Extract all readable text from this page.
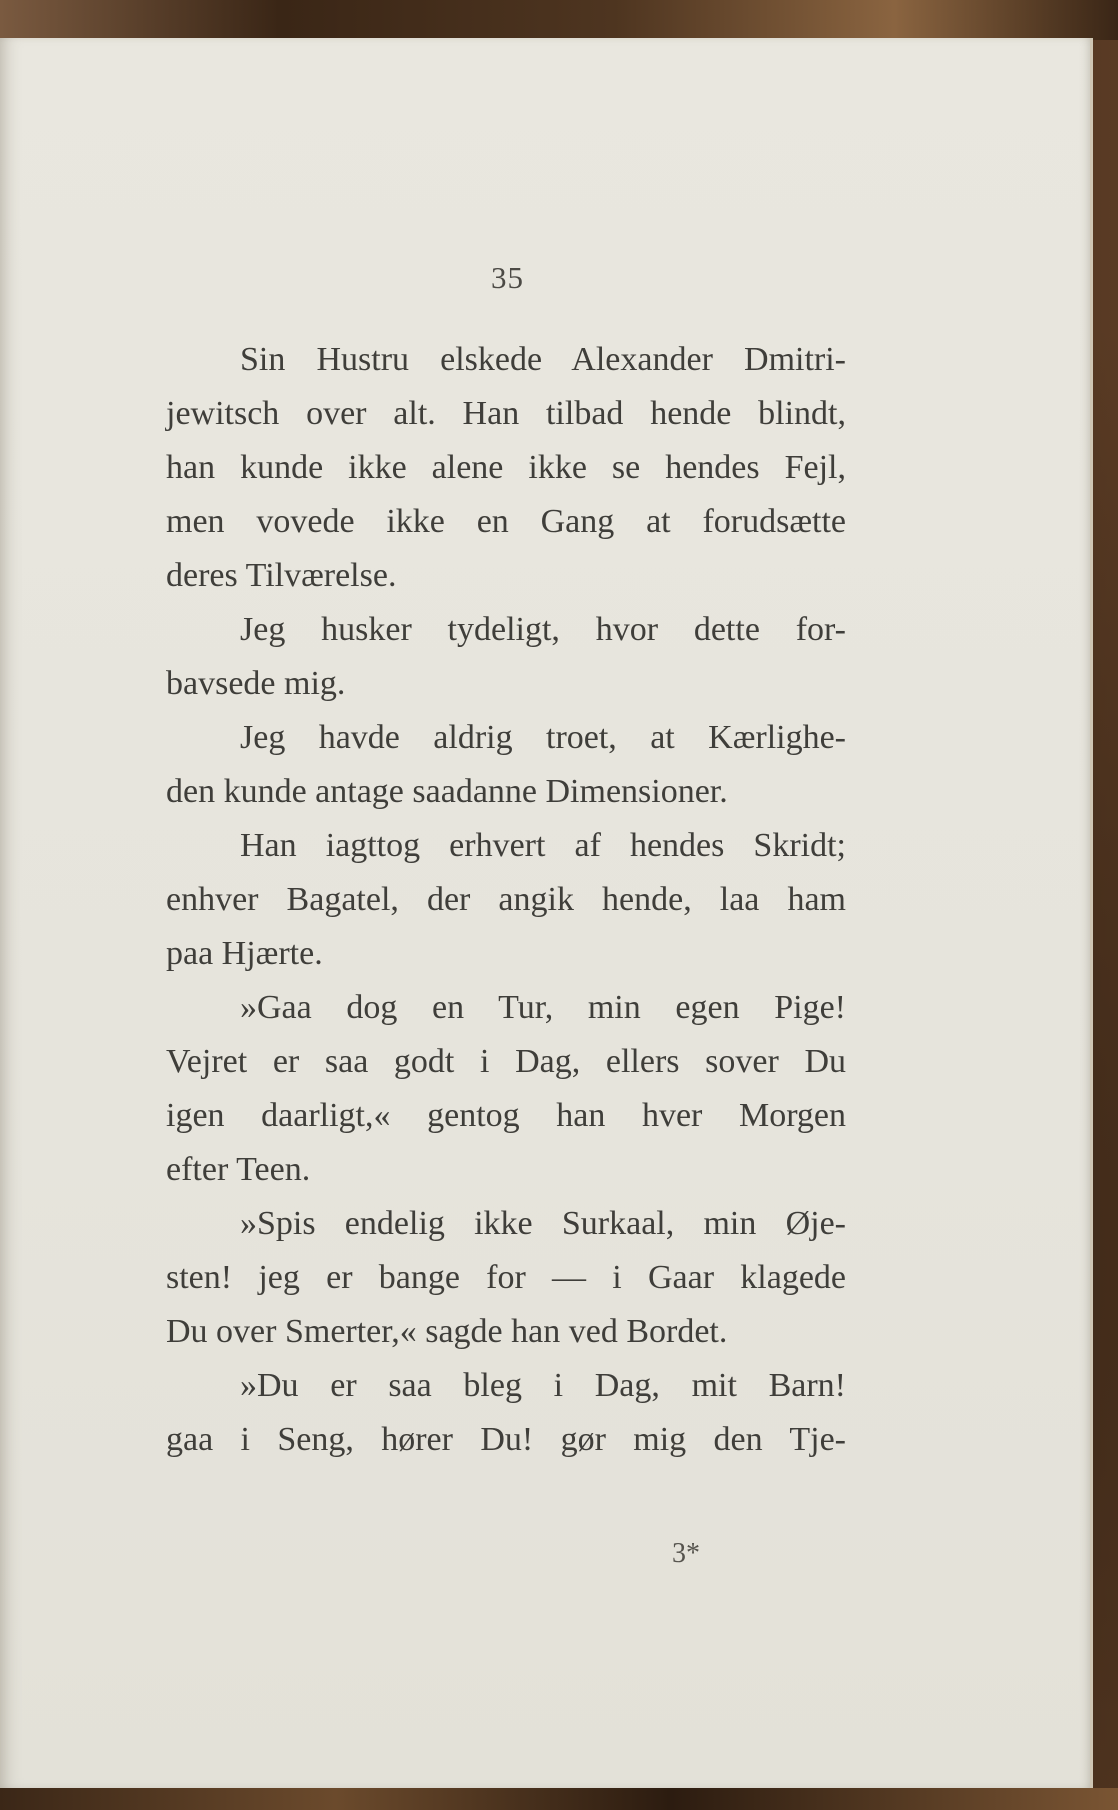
35
Sin Hustru elskede Alexander Dmitri-
jewitsch over alt. Han tilbad hende blindt,
han kunde ikke alene ikke se hendes Fejl,
men vovede ikke en Gang at forudsætte
deres Tilværelse.
Jeg husker tydeligt, hvor dette for-
bavsede mig.
Jeg havde aldrig troet, at Kærlighe-
den kunde antage saadanne Dimensioner.
Han iagttog erhvert af hendes Skridt;
enhver Bagatel, der angik hende, laa ham
paa Hjærte.
»Gaa dog en Tur, min egen Pige!
Vejret er saa godt i Dag, ellers sover Du
igen daarligt,« gentog han hver Morgen
efter Teen.
»Spis endelig ikke Surkaal, min Øje-
sten! jeg er bange for — i Gaar klagede
Du over Smerter,« sagde han ved Bordet.
»Du er saa bleg i Dag, mit Barn!
gaa i Seng, hører Du! gør mig den Tje-
3*
